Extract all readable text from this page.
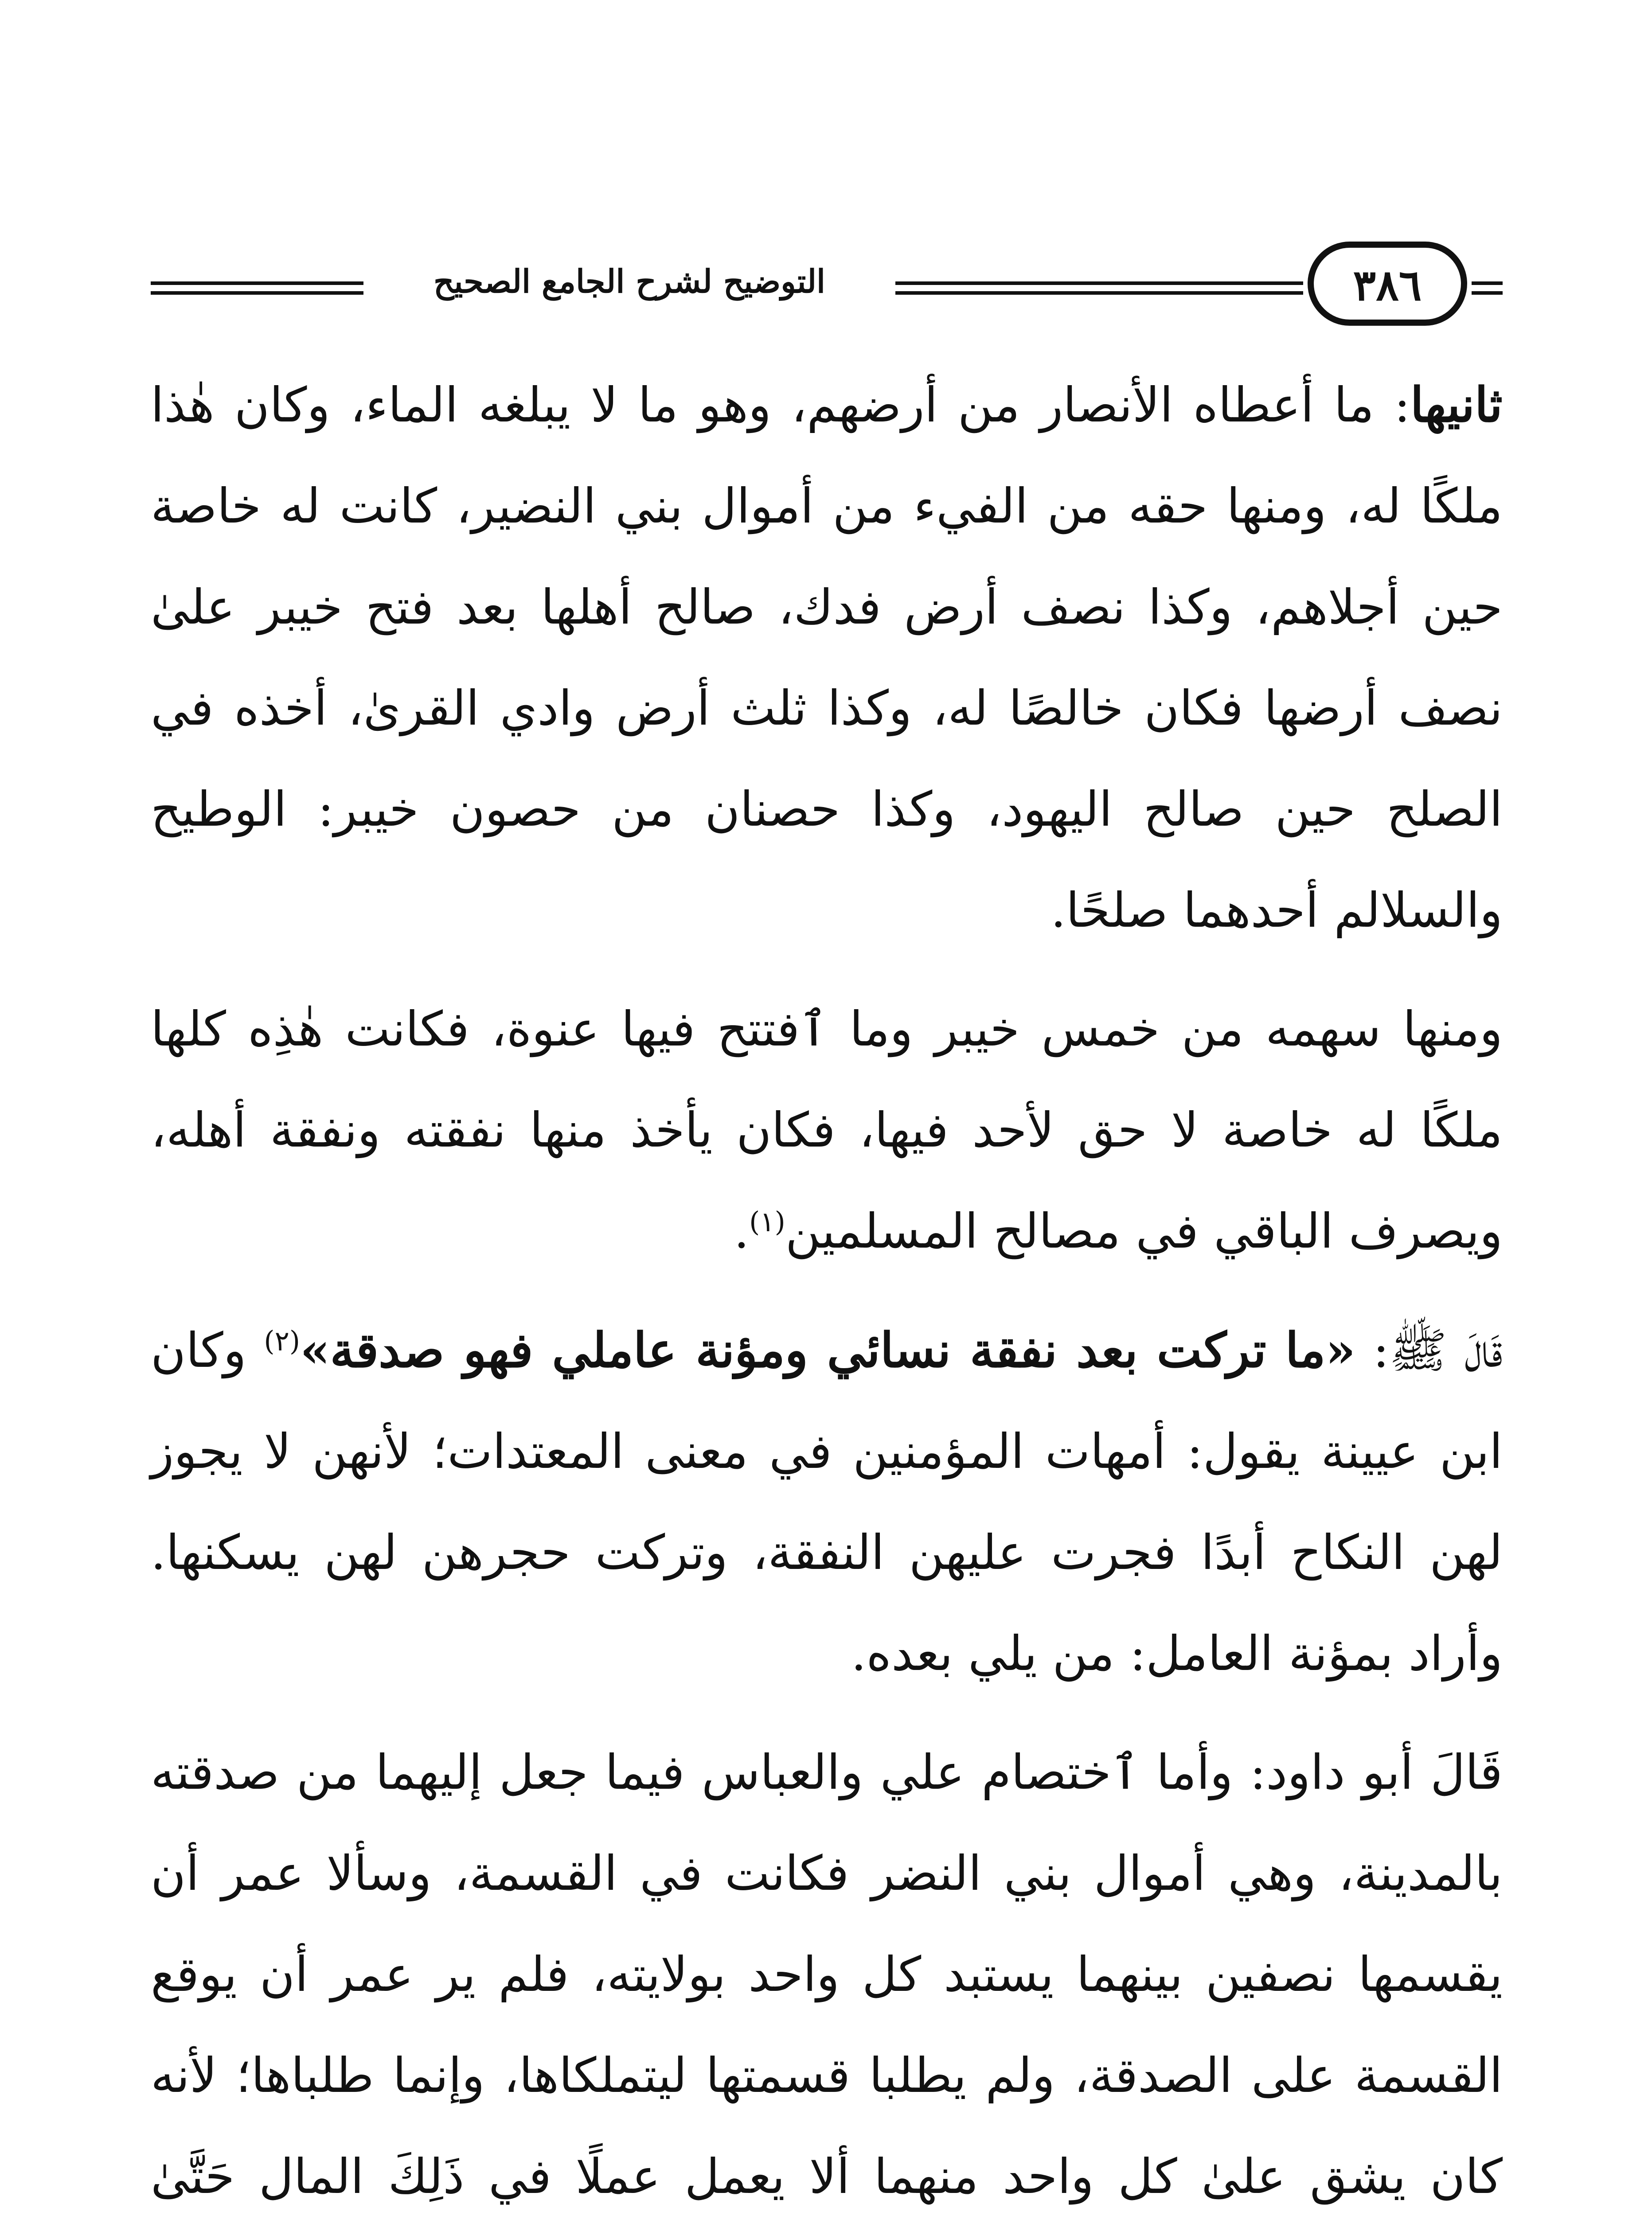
التوضيح لشرح الجامع الصحيح	٣٨٦

ثانيها: ما أعطاه الأنصار من أرضهم، وهو ما لا يبلغه الماء، وكان هٰذا ملكًا له، ومنها حقه من الفيء من أموال بني النضير، كانت له خاصة حين أجلاهم، وكذا نصف أرض فدك، صالح أهلها بعد فتح خيبر علىٰ نصف أرضها فكان خالصًا له، وكذا ثلث أرض وادي القرىٰ، أخذه في الصلح حين صالح اليهود، وكذا حصنان من حصون خيبر: الوطيح والسلالم أحدهما صلحًا.

ومنها سهمه من خمس خيبر وما ٱفتتح فيها عنوة، فكانت هٰذِه كلها ملكًا له خاصة لا حق لأحد فيها، فكان يأخذ منها نفقته ونفقة أهله، ويصرف الباقي في مصالح المسلمين$^{(١)}$.

قَالَ ﷺ: «ما تركت بعد نفقة نسائي ومؤنة عاملي فهو صدقة»$^{(٢)}$ وكان ابن عيينة يقول: أمهات المؤمنين في معنى المعتدات؛ لأنهن لا يجوز لهن النكاح أبدًا فجرت عليهن النفقة، وتركت حجرهن لهن يسكنها. وأراد بمؤنة العامل: من يلي بعده.

قَالَ أبو داود: وأما ٱختصام علي والعباس فيما جعل إليهما من صدقته بالمدينة، وهي أموال بني النضر فكانت في القسمة، وسألا عمر أن يقسمها نصفين بينهما يستبد كل واحد بولايته، فلم ير عمر أن يوقع القسمة على الصدقة، ولم يطلبا قسمتها ليتملكاها، وإنما طلباها؛ لأنه كان يشق علىٰ كل واحد منهما ألا يعمل عملًا في ذَلِكَ المال حَتَّىٰ
